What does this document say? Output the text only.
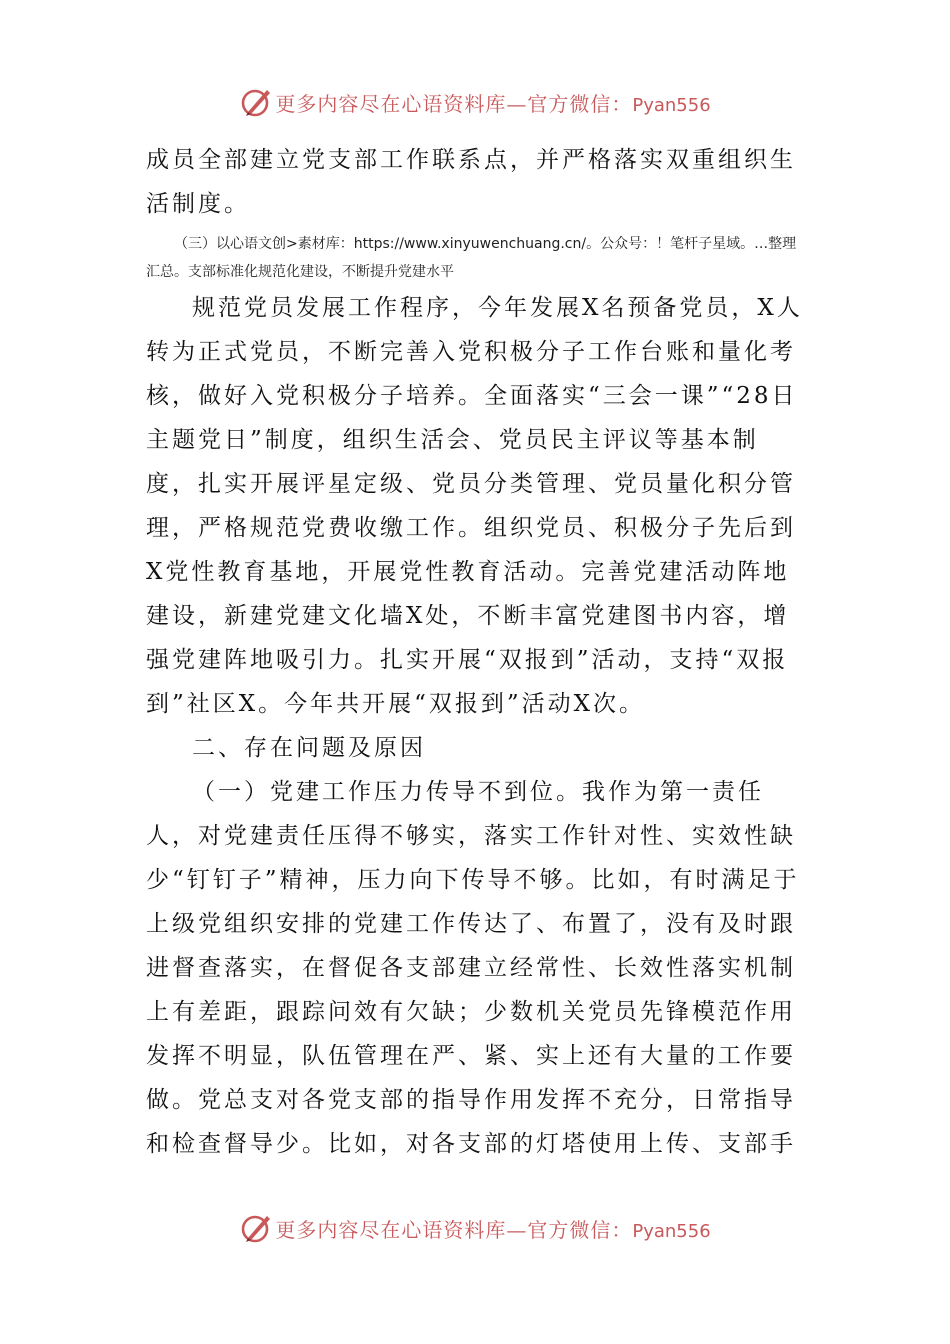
更多内容尽在心语资料库—官方微信：Pyan556

成员全部建立党支部工作联系点，并严格落实双重组织生活制度。

（三）以心语文创>素材库：https://www.xinyuwenchuang.cn/。公众号：！笔杆子星域。…整理汇总。支部标准化规范化建设，不断提升党建水平

规范党员发展工作程序，今年发展X名预备党员，X人转为正式党员，不断完善入党积极分子工作台账和量化考核，做好入党积极分子培养。全面落实“三会一课”“28日主题党日”制度，组织生活会、党员民主评议等基本制度，扎实开展评星定级、党员分类管理、党员量化积分管理，严格规范党费收缴工作。组织党员、积极分子先后到X党性教育基地，开展党性教育活动。完善党建活动阵地建设，新建党建文化墙X处，不断丰富党建图书内容，增强党建阵地吸引力。扎实开展“双报到”活动，支持“双报到”社区X。今年共开展“双报到”活动X次。

二、存在问题及原因

（一）党建工作压力传导不到位。我作为第一责任人，对党建责任压得不够实，落实工作针对性、实效性缺少“钉钉子”精神，压力向下传导不够。比如，有时满足于上级党组织安排的党建工作传达了、布置了，没有及时跟进督查落实，在督促各支部建立经常性、长效性落实机制上有差距，跟踪问效有欠缺；少数机关党员先锋模范作用发挥不明显，队伍管理在严、紧、实上还有大量的工作要做。党总支对各党支部的指导作用发挥不充分，日常指导和检查督导少。比如，对各支部的灯塔使用上传、支部手

更多内容尽在心语资料库—官方微信：Pyan556
